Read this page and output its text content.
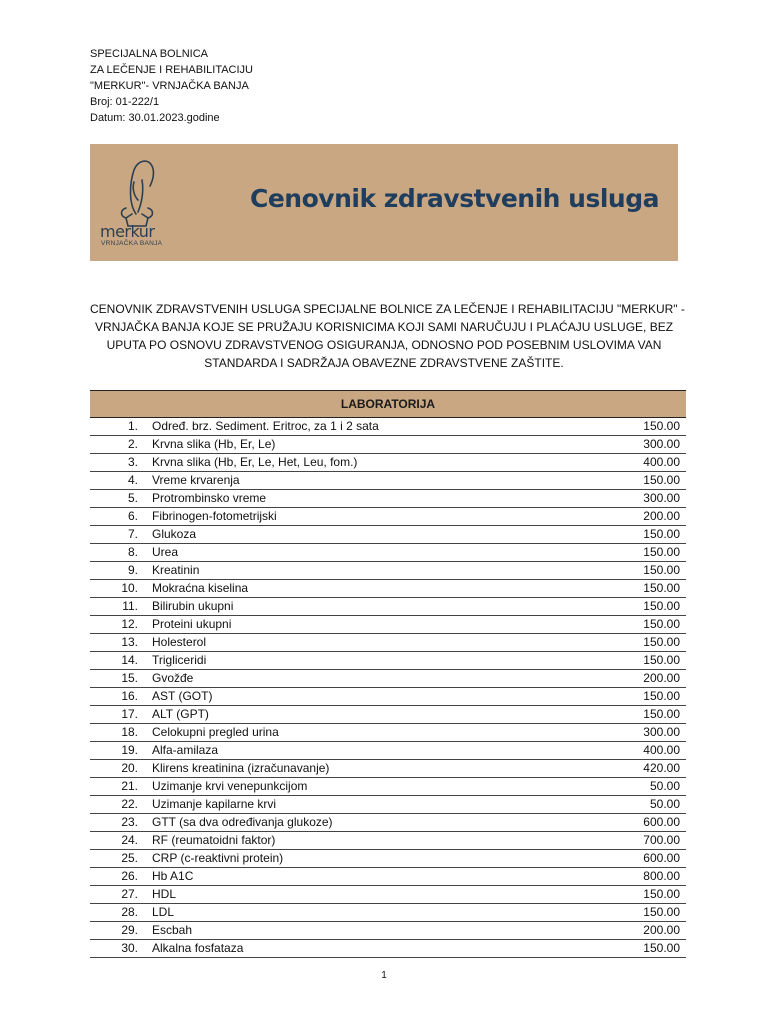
SPECIJALNA BOLNICA
ZA LEČENJE I REHABILITACIJU
"MERKUR"- VRNJAČKA BANJA
Broj: 01-222/1
Datum: 30.01.2023.godine
merkur
VRNJAČKA BANJA
Cenovnik zdravstvenih usluga
CENOVNIK ZDRAVSTVENIH USLUGA SPECIJALNE BOLNICE ZA LEČENJE I REHABILITACIJU "MERKUR" -
VRNJAČKA BANJA KOJE SE PRUŽAJU KORISNICIMA KOJI SAMI NARUČUJU I PLAĆAJU USLUGE, BEZ
UPUTA PO OSNOVU ZDRAVSTVENOG OSIGURANJA, ODNOSNO POD POSEBNIM USLOVIMA VAN
STANDARDA I SADRŽAJA OBAVEZNE ZDRAVSTVENE ZAŠTITE.
LABORATORIJA		
1.	Određ. brz. Sediment. Eritroc, za 1 i 2 sata	150.00
2.	Krvna slika (Hb, Er, Le)	300.00
3.	Krvna slika (Hb, Er, Le, Het, Leu, fom.)	400.00
4.	Vreme krvarenja	150.00
5.	Protrombinsko vreme	300.00
6.	Fibrinogen-fotometrijski	200.00
7.	Glukoza	150.00
8.	Urea	150.00
9.	Kreatinin	150.00
10.	Mokraćna kiselina	150.00
11.	Bilirubin ukupni	150.00
12.	Proteini ukupni	150.00
13.	Holesterol	150.00
14.	Trigliceridi	150.00
15.	Gvožđe	200.00
16.	AST (GOT)	150.00
17.	ALT (GPT)	150.00
18.	Celokupni pregled urina	300.00
19.	Alfa-amilaza	400.00
20.	Klirens kreatinina (izračunavanje)	420.00
21.	Uzimanje krvi venepunkcijom	50.00
22.	Uzimanje kapilarne krvi	50.00
23.	GTT (sa dva određivanja glukoze)	600.00
24.	RF (reumatoidni faktor)	700.00
25.	CRP (c-reaktivni protein)	600.00
26.	Hb A1C	800.00
27.	HDL	150.00
28.	LDL	150.00
29.	Escbah	200.00
30.	Alkalna fosfataza	150.00
1
